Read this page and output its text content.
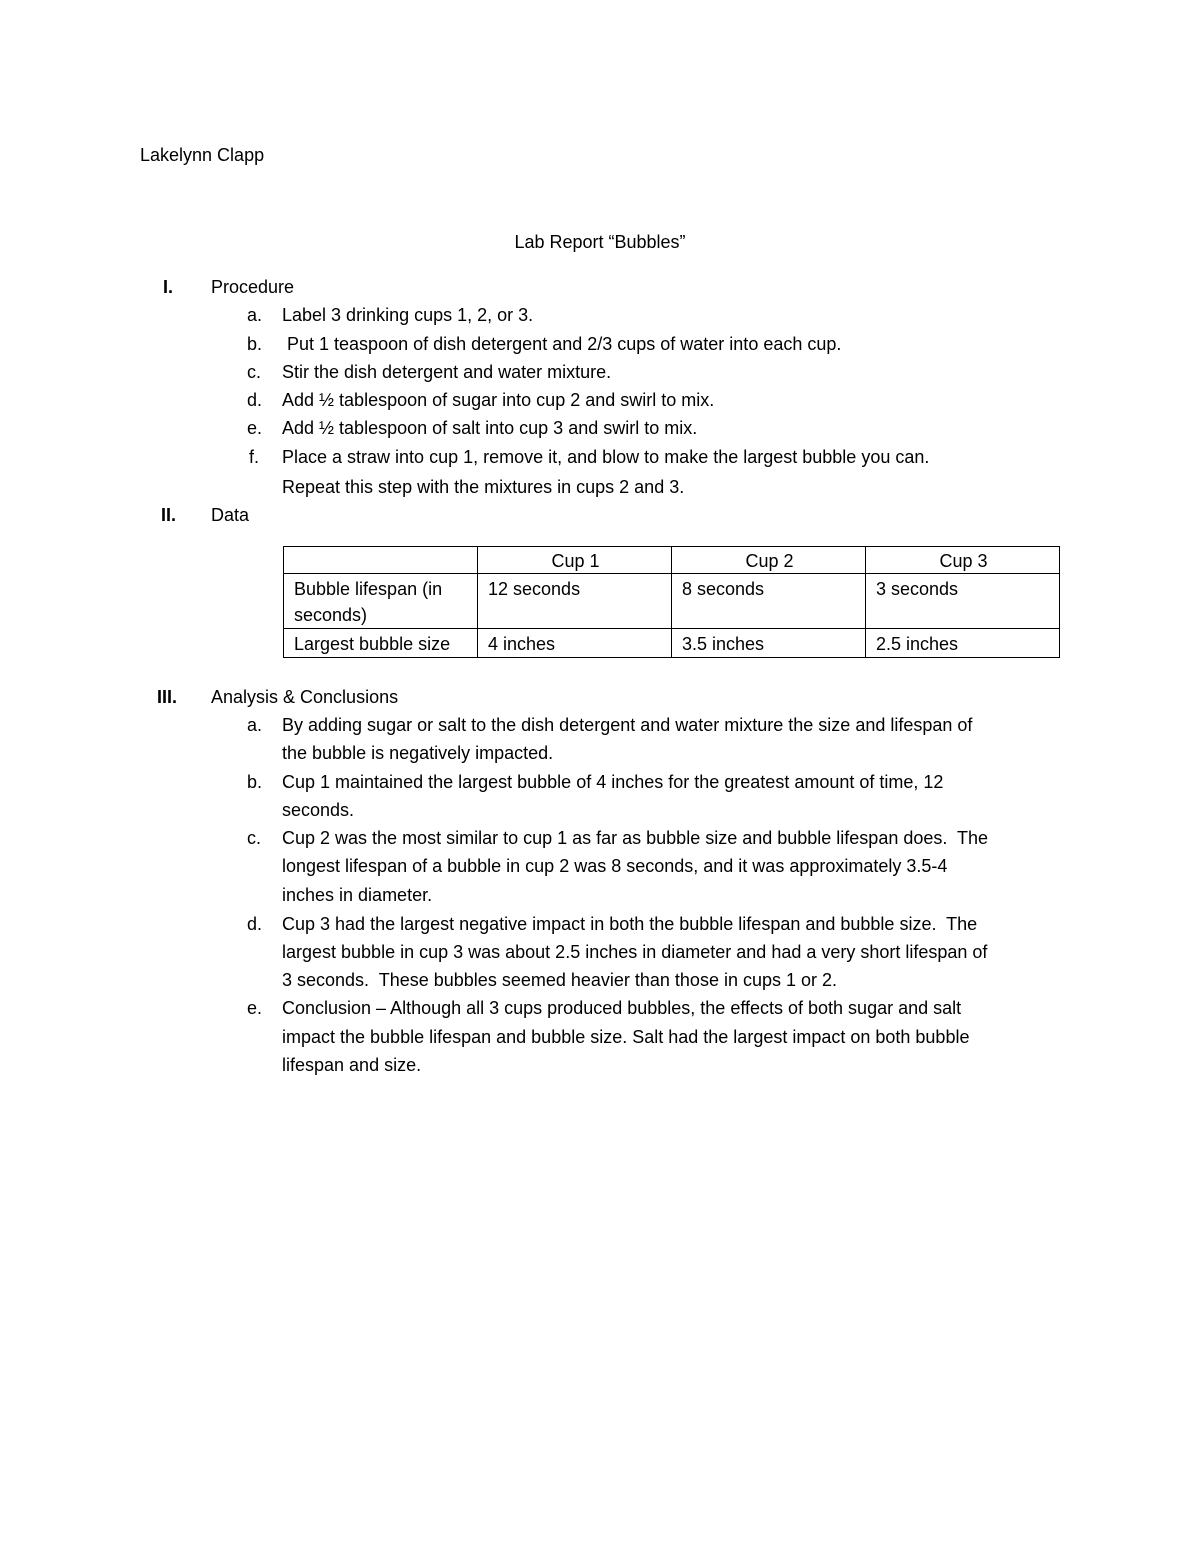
Lakelynn Clapp
Lab Report “Bubbles”
I. Procedure
a. Label 3 drinking cups 1, 2, or 3.
b. Put 1 teaspoon of dish detergent and 2/3 cups of water into each cup.
c. Stir the dish detergent and water mixture.
d. Add ½ tablespoon of sugar into cup 2 and swirl to mix.
e. Add ½ tablespoon of salt into cup 3 and swirl to mix.
f. Place a straw into cup 1, remove it, and blow to make the largest bubble you can.
Repeat this step with the mixtures in cups 2 and 3.
II. Data
	Cup 1	Cup 2	Cup 3
Bubble lifespan (in seconds)	12 seconds	8 seconds	3 seconds
Largest bubble size	4 inches	3.5 inches	2.5 inches
III. Analysis & Conclusions
a. By adding sugar or salt to the dish detergent and water mixture the size and lifespan of
the bubble is negatively impacted.
b. Cup 1 maintained the largest bubble of 4 inches for the greatest amount of time, 12
seconds.
c. Cup 2 was the most similar to cup 1 as far as bubble size and bubble lifespan does.  The
longest lifespan of a bubble in cup 2 was 8 seconds, and it was approximately 3.5-4
inches in diameter.
d. Cup 3 had the largest negative impact in both the bubble lifespan and bubble size.  The
largest bubble in cup 3 was about 2.5 inches in diameter and had a very short lifespan of
3 seconds.  These bubbles seemed heavier than those in cups 1 or 2.
e. Conclusion – Although all 3 cups produced bubbles, the effects of both sugar and salt
impact the bubble lifespan and bubble size. Salt had the largest impact on both bubble
lifespan and size.
